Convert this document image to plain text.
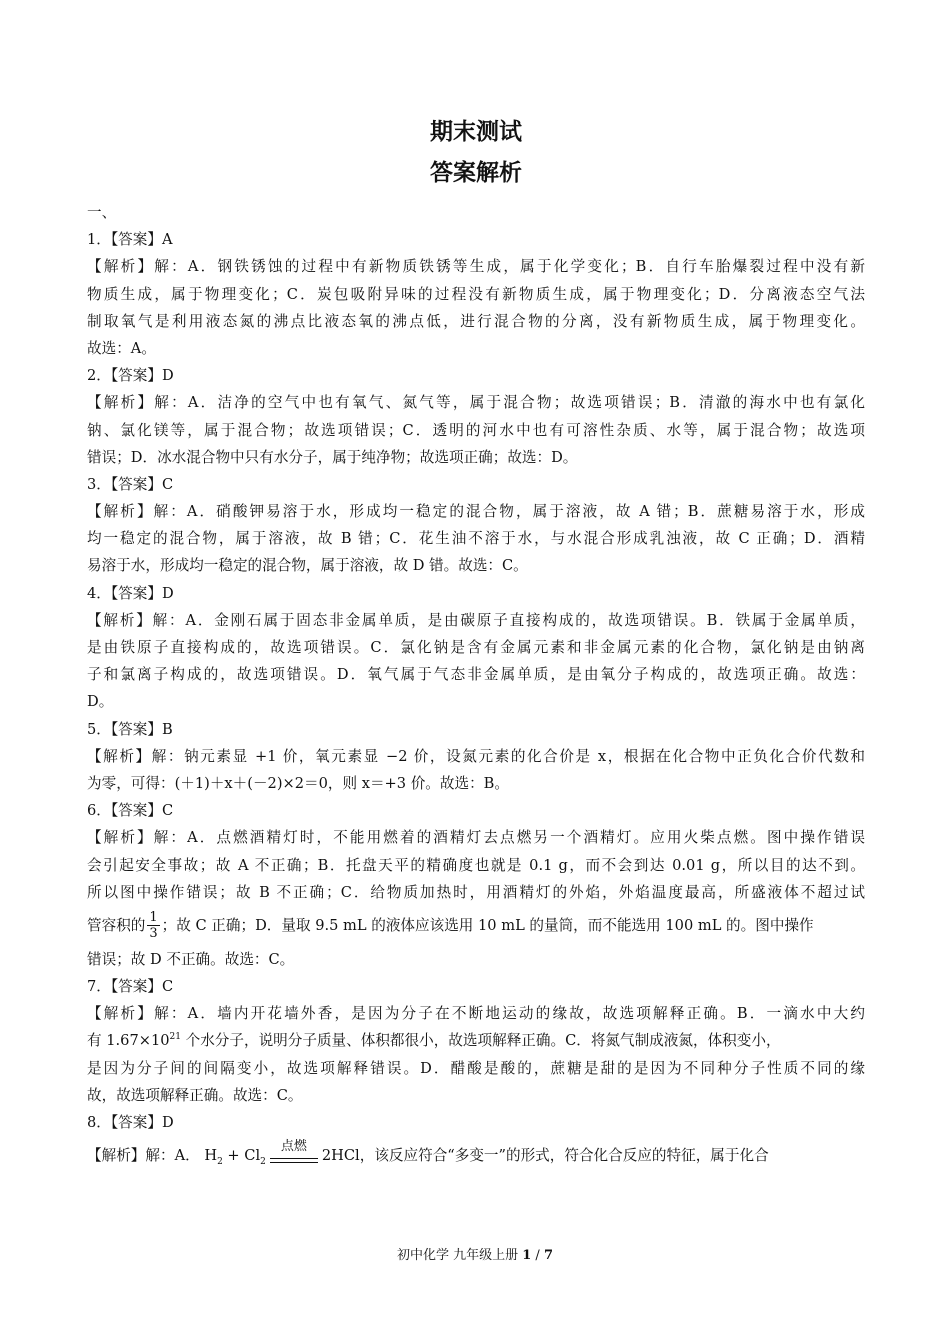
期末测试
答案解析
一、
1．【答案】A
【解析】解：A．钢铁锈蚀的过程中有新物质铁锈等生成，属于化学变化；B．自行车胎爆裂过程中没有新
物质生成，属于物理变化；C．炭包吸附异味的过程没有新物质生成，属于物理变化；D．分离液态空气法
制取氧气是利用液态氮的沸点比液态氧的沸点低，进行混合物的分离，没有新物质生成，属于物理变化。
故选：A。
2．【答案】D
【解析】解：A．洁净的空气中也有氧气、氮气等，属于混合物；故选项错误；B．清澈的海水中也有氯化
钠、氯化镁等，属于混合物；故选项错误；C．透明的河水中也有可溶性杂质、水等，属于混合物；故选项
错误；D．冰水混合物中只有水分子，属于纯净物；故选项正确；故选：D。
3．【答案】C
【解析】解：A．硝酸钾易溶于水，形成均一稳定的混合物，属于溶液，故 A 错；B．蔗糖易溶于水，形成
均一稳定的混合物，属于溶液，故 B 错；C．花生油不溶于水，与水混合形成乳浊液，故 C 正确；D．酒精
易溶于水，形成均一稳定的混合物，属于溶液，故 D 错。故选：C。
4．【答案】D
【解析】解：A．金刚石属于固态非金属单质，是由碳原子直接构成的，故选项错误。B．铁属于金属单质，
是由铁原子直接构成的，故选项错误。C．氯化钠是含有金属元素和非金属元素的化合物，氯化钠是由钠离
子和氯离子构成的，故选项错误。D．氧气属于气态非金属单质，是由氧分子构成的，故选项正确。故选：
D。
5．【答案】B
【解析】解：钠元素显 +1 价，氧元素显 −2 价，设氮元素的化合价是 x，根据在化合物中正负化合价代数和
为零，可得：(＋1)＋x＋(－2)×2＝0，则 x＝+3 价。故选：B。
6．【答案】C
【解析】解：A．点燃酒精灯时，不能用燃着的酒精灯去点燃另一个酒精灯。应用火柴点燃。图中操作错误
会引起安全事故；故 A 不正确；B．托盘天平的精确度也就是 0.1 g，而不会到达 0.01 g，所以目的达不到。
所以图中操作错误；故 B 不正确；C．给物质加热时，用酒精灯的外焰，外焰温度最高，所盛液体不超过试
管容积的 $\frac{1}{3}$ ；故 C 正确；D．量取 9.5 mL 的液体应该选用 10 mL 的量筒，而不能选用 100 mL 的。图中操作
错误；故 D 不正确。故选：C。
7．【答案】C
【解析】解：A．墙内开花墙外香，是因为分子在不断地运动的缘故，故选项解释正确。B．一滴水中大约
有 $1.67\times 10^{21}$ 个水分子，说明分子质量、体积都很小，故选项解释正确。C．将氮气制成液氮，体积变小，
是因为分子间的间隔变小，故选项解释错误。D．醋酸是酸的，蔗糖是甜的是因为不同种分子性质不同的缘
故，故选项解释正确。故选：C。
8．【答案】D
【解析】解：A． $H_2 + Cl_2$
点燃
2HCl，该反应符合“多变一”的形式，符合化合反应的特征，属于化合
初中化学 九年级上册 1 / 7
